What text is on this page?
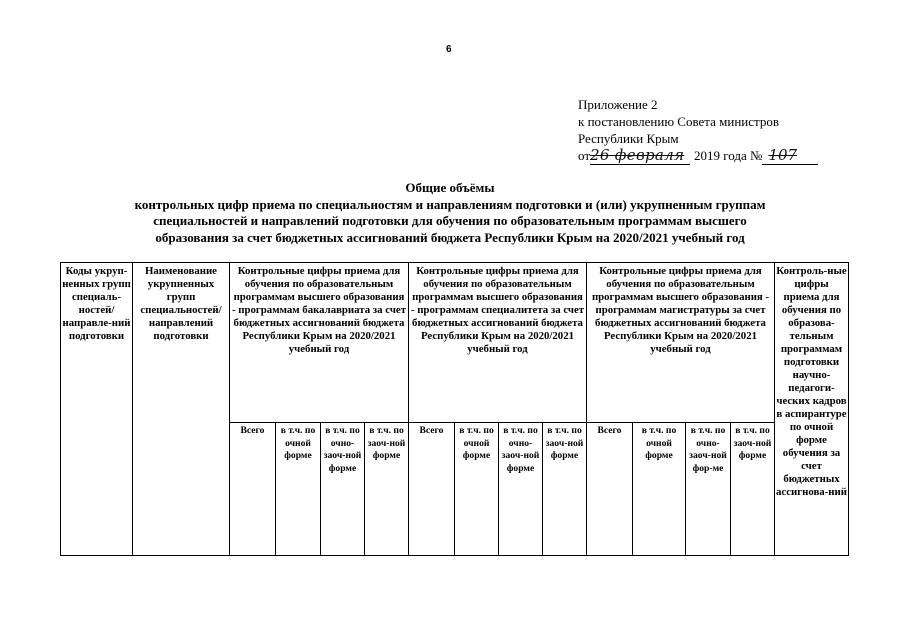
6
Приложение 2
к постановлению Совета министров
Республики Крым
от 26 февраля 2019 года № 107
Общие объёмы
контрольных цифр приема по специальностям и направлениям подготовки и (или) укрупненным группам
специальностей и направлений подготовки для обучения по образовательным программам высшего
образования за счет бюджетных ассигнований бюджета Республики Крым на 2020/2021 учебный год
Коды укруп-ненных групп специаль-ностей/ направле-ний подготовки	Наименование укрупненных групп специальностей/ направлений подготовки	Контрольные цифры приема для обучения по образовательным программам высшего образования - программам бакалавриата за счет бюджетных ассигнований бюджета Республики Крым на 2020/2021 учебный год				Контрольные цифры приема для обучения по образовательным программам высшего образования - программам специалитета за счет бюджетных ассигнований бюджета Республики Крым на 2020/2021 учебный год				Контрольные цифры приема для обучения по образовательным программам высшего образования - программам магистратуры за счет бюджетных ассигнований бюджета Республики Крым на 2020/2021 учебный год				Контроль-ные цифры приема для обучения по образова-тельным программам подготовки научно-педагоги-ческих кадров в аспирантуре по очной форме обучения за счет бюджетных ассигнова-ний
		Всего	в т.ч. по очной форме	в т.ч. по очно-заоч-ной форме	в т.ч. по заоч-ной форме	Всего	в т.ч. по очной форме	в т.ч. по очно-заоч-ной форме	в т.ч. по заоч-ной форме	Всего	в т.ч. по очной форме	в т.ч. по очно-заоч-ной фор-ме	в т.ч. по заоч-ной форме	
